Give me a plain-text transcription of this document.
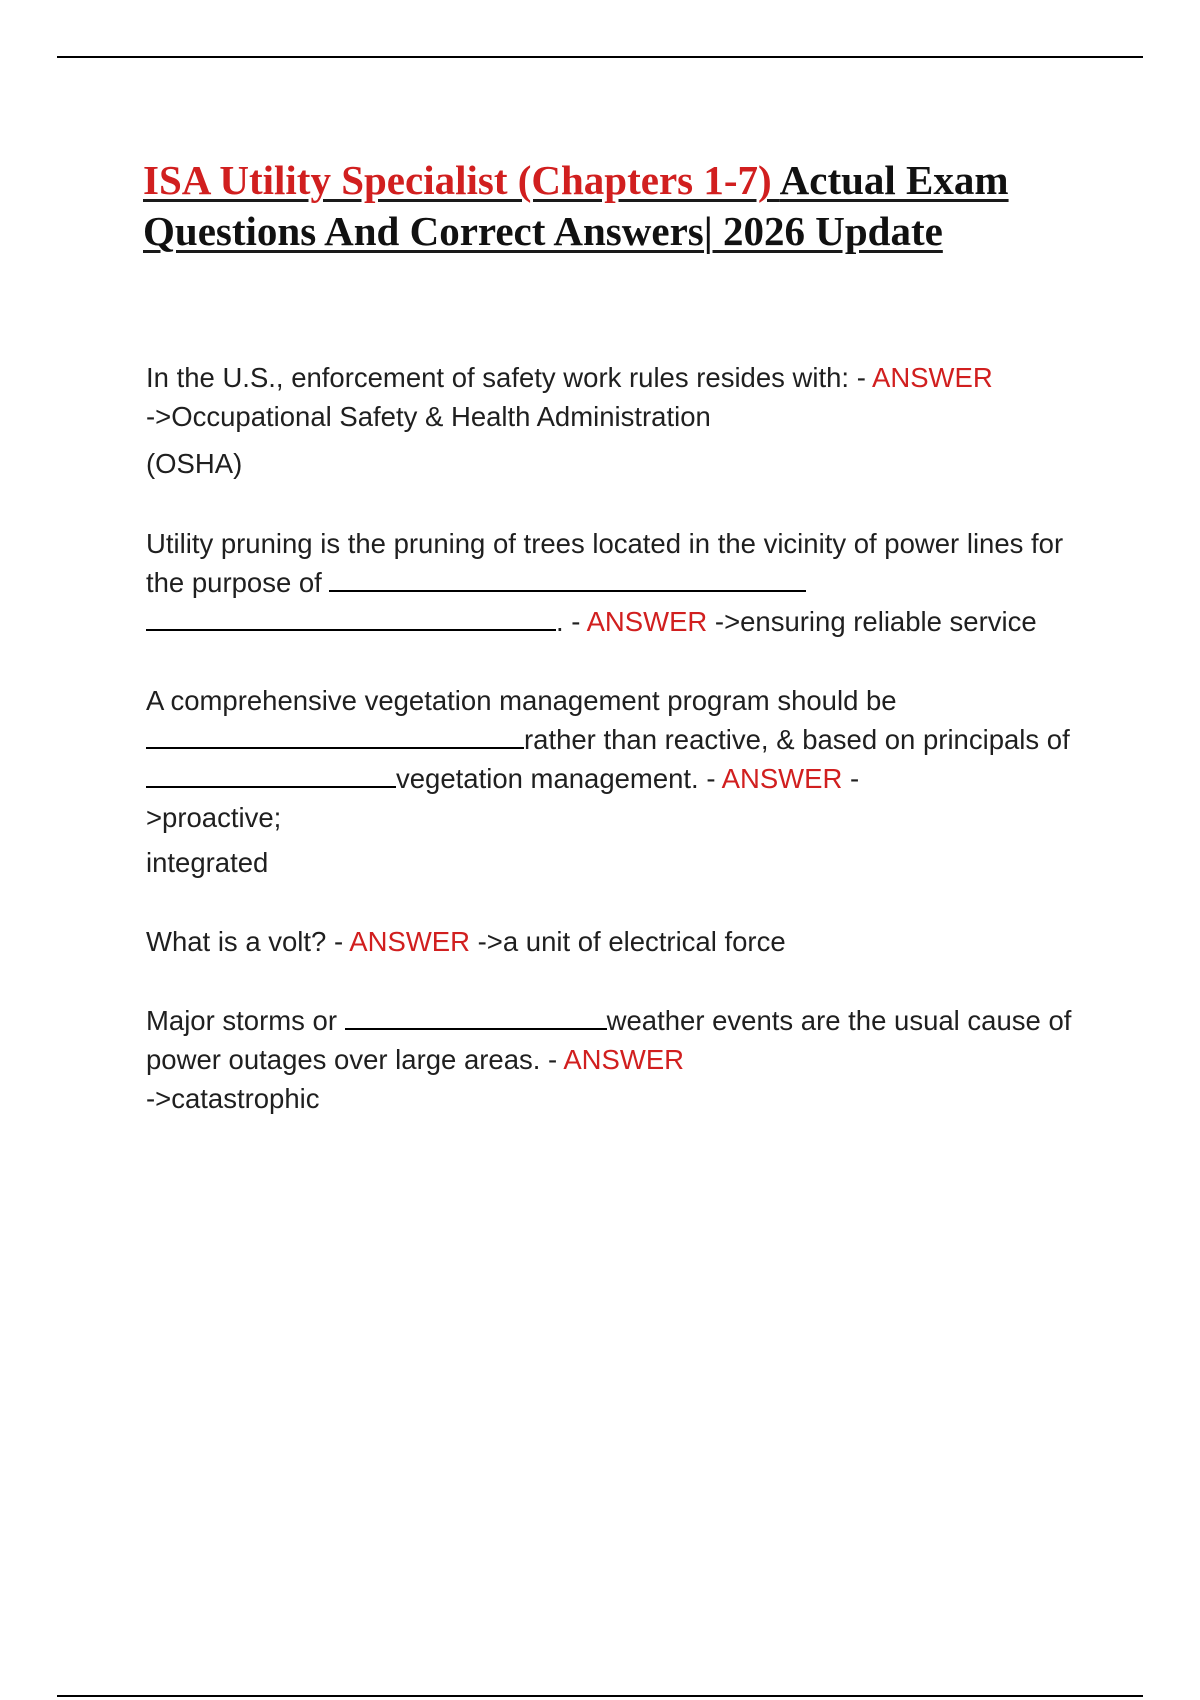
ISA Utility Specialist (Chapters 1-7) Actual Exam Questions And Correct Answers| 2026 Update
In the U.S., enforcement of safety work rules resides with: - ANSWER
->Occupational Safety & Health Administration
(OSHA)
Utility pruning is the pruning of trees located in the vicinity of power lines for the purpose of
. - ANSWER ->ensuring reliable service
A comprehensive vegetation management program should be
rather than reactive, & based on principals of vegetation management. - ANSWER -
>proactive;
integrated
What is a volt? - ANSWER ->a unit of electrical force
Major storms or	weather events are the usual cause of power outages over large areas. - ANSWER
->catastrophic
